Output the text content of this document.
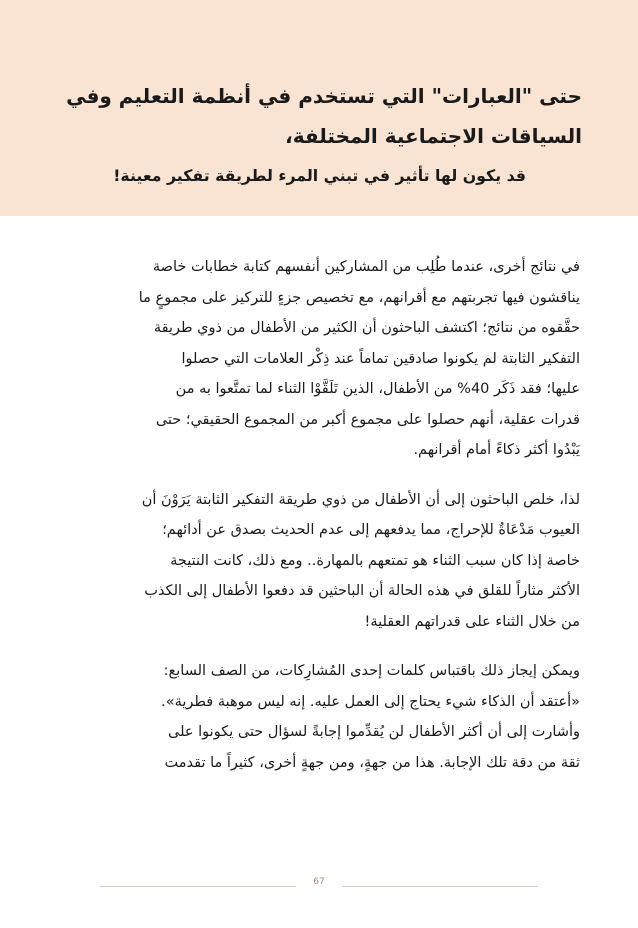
حتى "العبارات" التي تستخدم في أنظمة التعليم وفي
السياقات الاجتماعية المختلفة،
قد يكون لها تأثير في تبني المرء لطريقة تفكير معينة!
في نتائج أخرى، عندما طُلِب من المشاركين أنفسهم كتابة خطابات خاصة
يناقشون فيها تجربتهم مع أقرانهم، مع تخصيص جزءٍ للتركيز على مجموعٍ ما
حقَّقوه من نتائج؛ اكتشف الباحثون أن الكثير من الأطفال من ذوي طريقة
التفكير الثابتة لم يكونوا صادقين تماماً عند ذِكْر العلامات التي حصلوا
عليها؛ فقد ذَكَر 40% من الأطفال، الذين تَلَقَّوْا الثناء لما تمتَّعوا به من
قدرات عقلية، أنهم حصلوا على مجموع أكبر من المجموع الحقيقي؛ حتى
يَبْدُوا أكثر ذكاءً أمام أقرانهم.
لذا، خلص الباحثون إلى أن الأطفال من ذوي طريقة التفكير الثابتة يَرَوْنَ أن
العيوب مَدْعَاةٌ للإحراج، مما يدفعهم إلى عدم الحديث بصدق عن أدائهم؛
خاصة إذا كان سبب الثناء هو تمتعهم بالمهارة.. ومع ذلك، كانت النتيجة
الأكثر مثاراً للقلق في هذه الحالة أن الباحثين قد دفعوا الأطفال إلى الكذب
من خلال الثناء على قدراتهم العقلية!
ويمكن إيجاز ذلك باقتباس كلمات إحدى المُشارِكات، من الصف السابع:
«أعتقد أن الذكاء شيء يحتاج إلى العمل عليه. إنه ليس موهبة فطرية».
وأشارت إلى أن أكثر الأطفال لن يُقدِّموا إجابةً لسؤال حتى يكونوا على
ثقة من دقة تلك الإجابة. هذا من جهةٍ، ومن جهةٍ أخرى، كثيراً ما تقدمت
67
